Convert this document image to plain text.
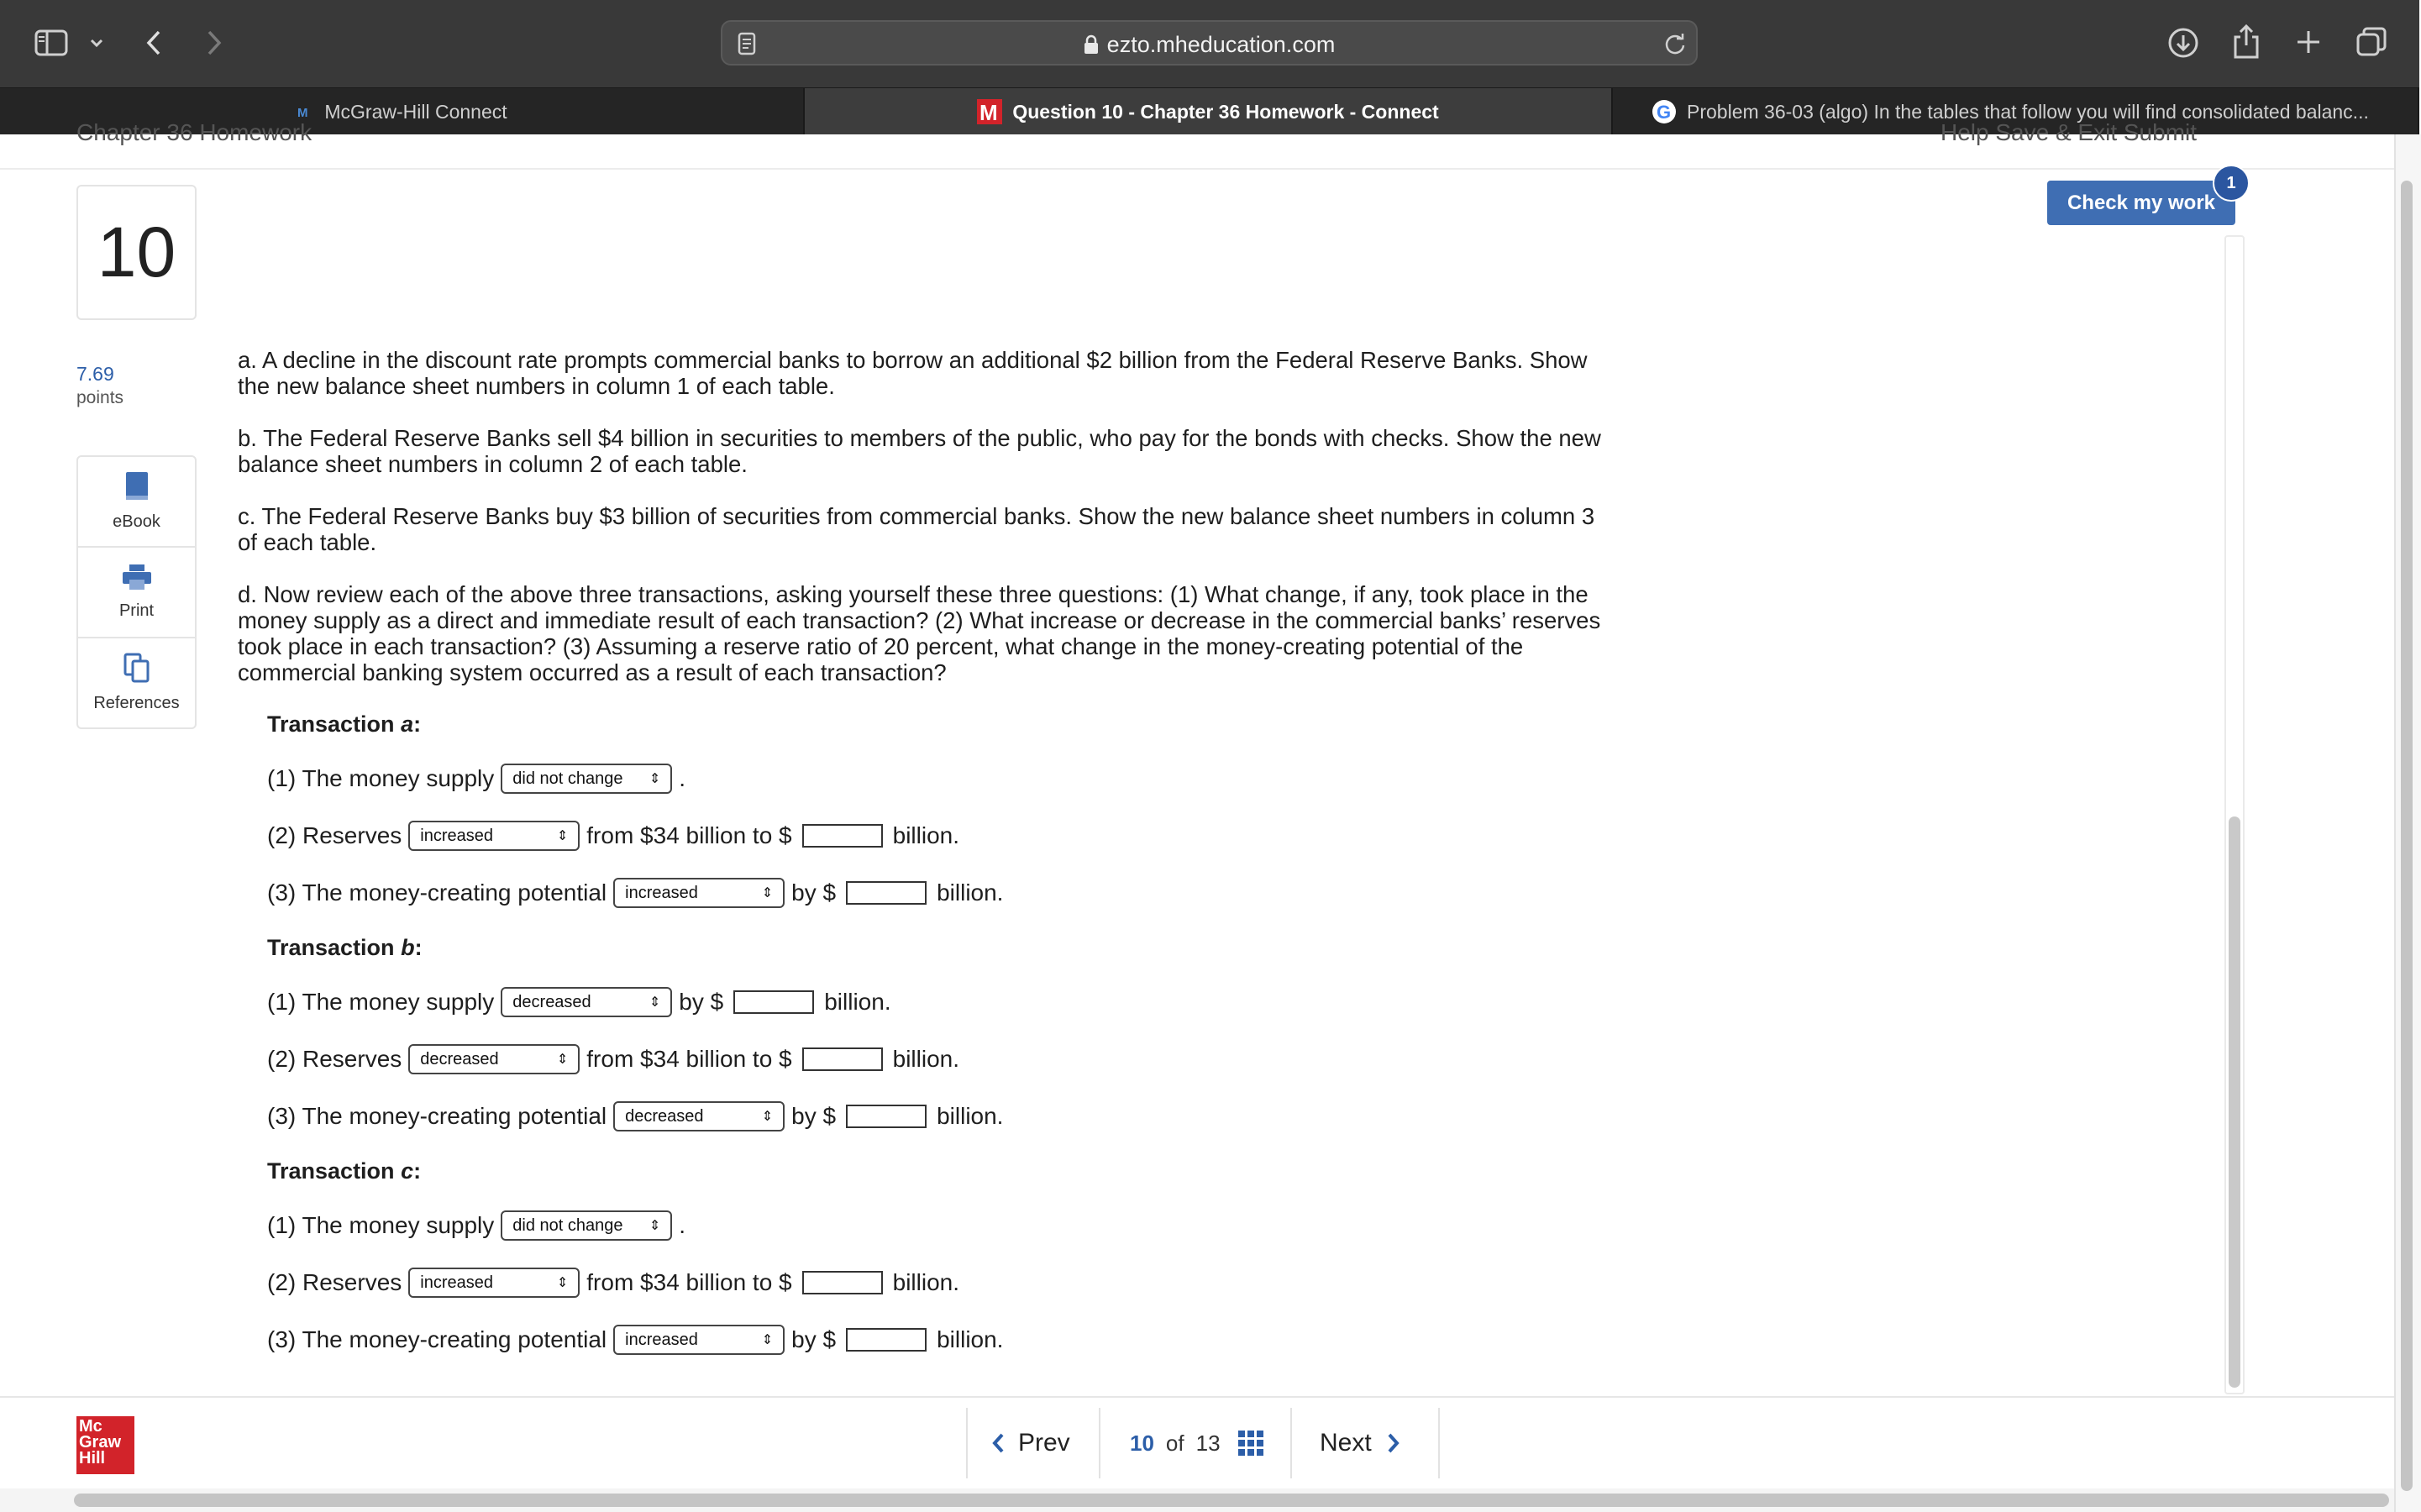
ezto.mheducation.com
M McGraw-Hill Connect	M Question 10 - Chapter 36 Homework - Connect	G Problem 36-03 (algo) In the tables that follow you will find consolidated balanc...
Chapter 36 Homework	Help Save & Exit Submit
10
7.69
points
eBook
Print
References
Check my work
1

a. A decline in the discount rate prompts commercial banks to borrow an additional $2 billion from the Federal Reserve Banks. Show the new balance sheet numbers in column 1 of each table.

b. The Federal Reserve Banks sell $4 billion in securities to members of the public, who pay for the bonds with checks. Show the new balance sheet numbers in column 2 of each table.

c. The Federal Reserve Banks buy $3 billion of securities from commercial banks. Show the new balance sheet numbers in column 3 of each table.

d. Now review each of the above three transactions, asking yourself these three questions: (1) What change, if any, took place in the money supply as a direct and immediate result of each transaction? (2) What increase or decrease in the commercial banks’ reserves took place in each transaction? (3) Assuming a reserve ratio of 20 percent, what change in the money-creating potential of the commercial banking system occurred as a result of each transaction?

Transaction a:
(1) The money supply did not change ⇕ .
(2) Reserves increased	⇕ from $34 billion to $	billion.
(3) The money-creating potential increased	⇕ by $	billion.
Transaction b:
(1) The money supply decreased	⇕ by $	billion.
(2) Reserves decreased	⇕ from $34 billion to $	billion.
(3) The money-creating potential decreased	⇕ by $	billion.
Transaction c:
(1) The money supply did not change ⇕ .
(2) Reserves increased	⇕ from $34 billion to $	billion.
(3) The money-creating potential increased	⇕ by $	billion.
Mc
Graw
Hill
Prev	10 of 13	Next
